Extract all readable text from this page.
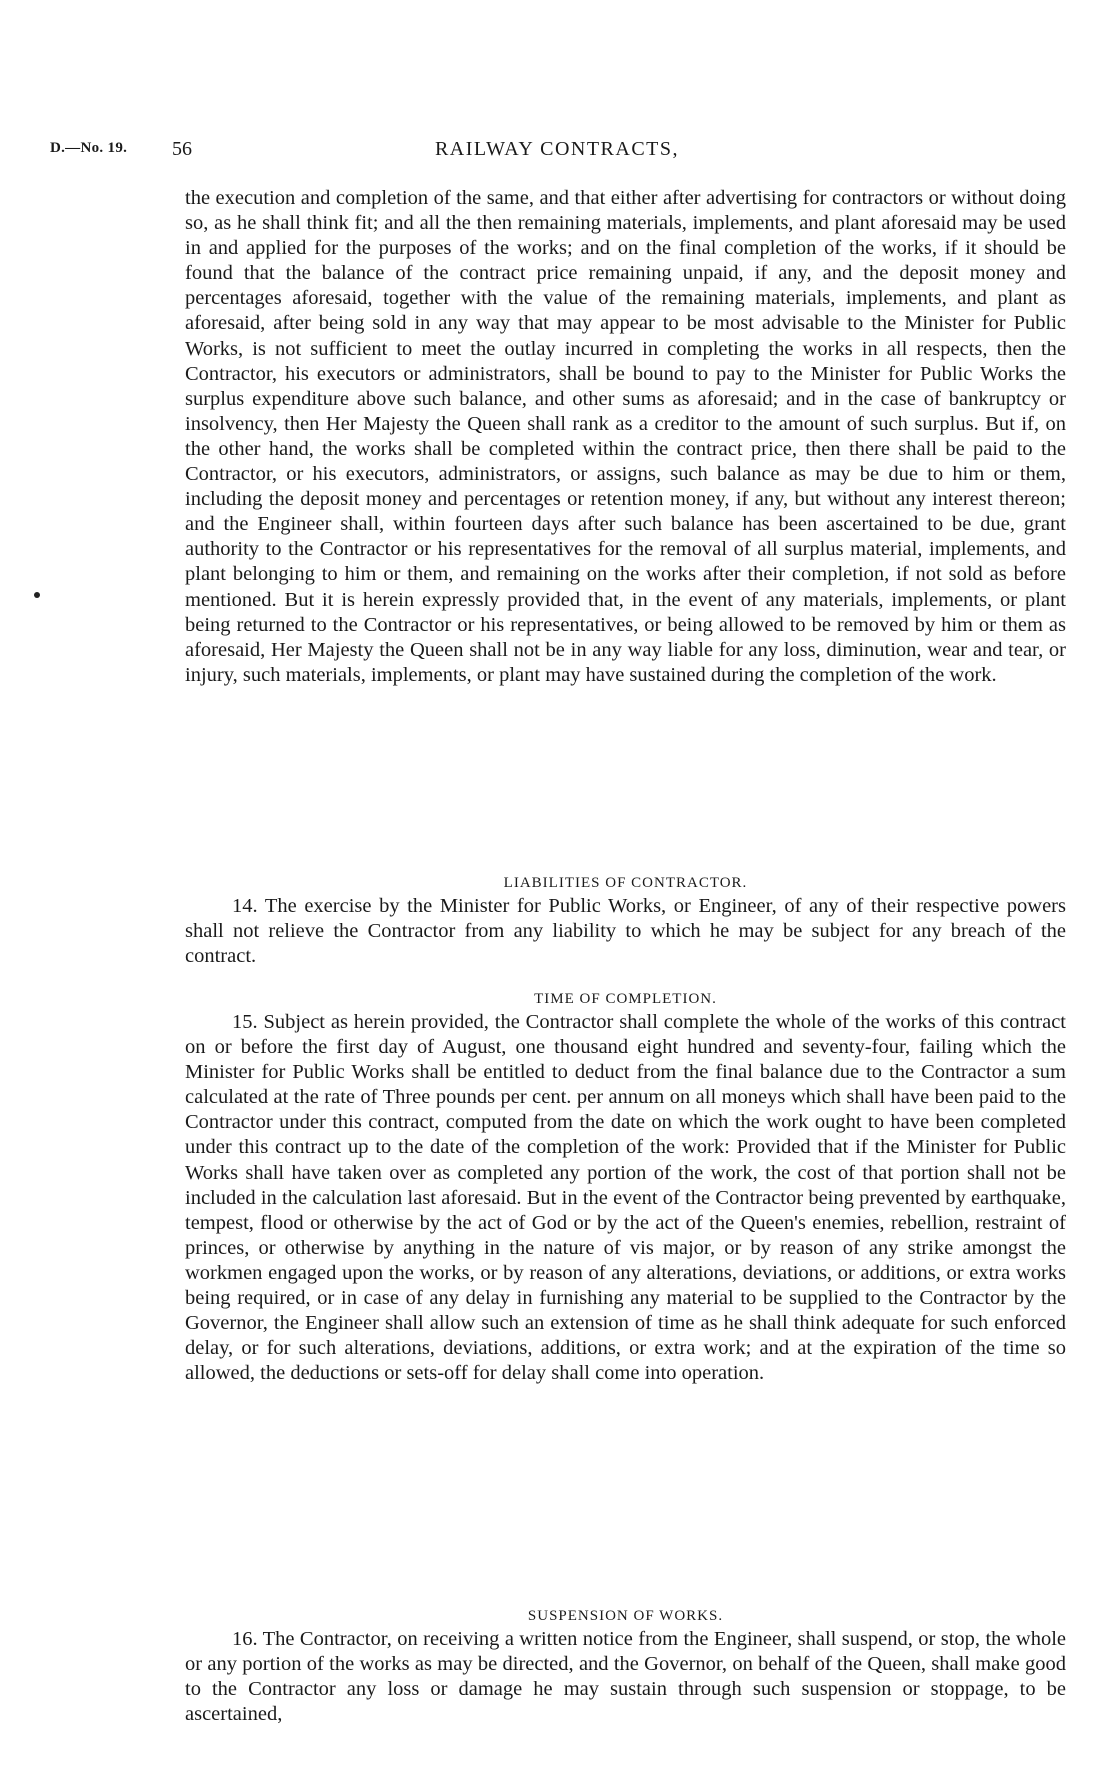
D.—No. 19. 56	RAILWAY CONTRACTS,

the execution and completion of the same, and that either after advertising for contractors or without doing so, as he shall think fit; and all the then remaining materials, implements, and plant aforesaid may be used in and applied for the purposes of the works; and on the final completion of the works, if it should be found that the balance of the contract price remaining unpaid, if any, and the deposit money and percentages aforesaid, together with the value of the remaining materials, implements, and plant as aforesaid, after being sold in any way that may appear to be most advisable to the Minister for Public Works, is not sufficient to meet the outlay incurred in completing the works in all respects, then the Contractor, his executors or administrators, shall be bound to pay to the Minister for Public Works the surplus expenditure above such balance, and other sums as aforesaid; and in the case of bankruptcy or insolvency, then Her Majesty the Queen shall rank as a creditor to the amount of such surplus. But if, on the other hand, the works shall be completed within the contract price, then there shall be paid to the Contractor, or his executors, administrators, or assigns, such balance as may be due to him or them, including the deposit money and percentages or retention money, if any, but without any interest thereon; and the Engineer shall, within fourteen days after such balance has been ascertained to be due, grant authority to the Contractor or his representatives for the removal of all surplus material, implements, and plant belonging to him or them, and remaining on the works after their completion, if not sold as before mentioned. But it is herein expressly provided that, in the event of any materials, implements, or plant being returned to the Contractor or his representatives, or being allowed to be removed by him or them as aforesaid, Her Majesty the Queen shall not be in any way liable for any loss, diminution, wear and tear, or injury, such materials, implements, or plant may have sustained during the completion of the work.

LIABILITIES OF CONTRACTOR.

14. The exercise by the Minister for Public Works, or Engineer, of any of their respective powers shall not relieve the Contractor from any liability to which he may be subject for any breach of the contract.

TIME OF COMPLETION.

15. Subject as herein provided, the Contractor shall complete the whole of the works of this contract on or before the first day of August, one thousand eight hundred and seventy-four, failing which the Minister for Public Works shall be entitled to deduct from the final balance due to the Contractor a sum calculated at the rate of Three pounds per cent. per annum on all moneys which shall have been paid to the Contractor under this contract, computed from the date on which the work ought to have been completed under this contract up to the date of the completion of the work: Provided that if the Minister for Public Works shall have taken over as completed any portion of the work, the cost of that portion shall not be included in the calculation last aforesaid. But in the event of the Contractor being prevented by earthquake, tempest, flood or otherwise by the act of God or by the act of the Queen's enemies, rebellion, restraint of princes, or otherwise by anything in the nature of vis major, or by reason of any strike amongst the workmen engaged upon the works, or by reason of any alterations, deviations, or additions, or extra works being required, or in case of any delay in furnishing any material to be supplied to the Contractor by the Governor, the Engineer shall allow such an extension of time as he shall think adequate for such enforced delay, or for such alterations, deviations, additions, or extra work; and at the expiration of the time so allowed, the deductions or sets-off for delay shall come into operation.

SUSPENSION OF WORKS.

16. The Contractor, on receiving a written notice from the Engineer, shall suspend, or stop, the whole or any portion of the works as may be directed, and the Governor, on behalf of the Queen, shall make good to the Contractor any loss or damage he may sustain through such suspension or stoppage, to be ascertained,
